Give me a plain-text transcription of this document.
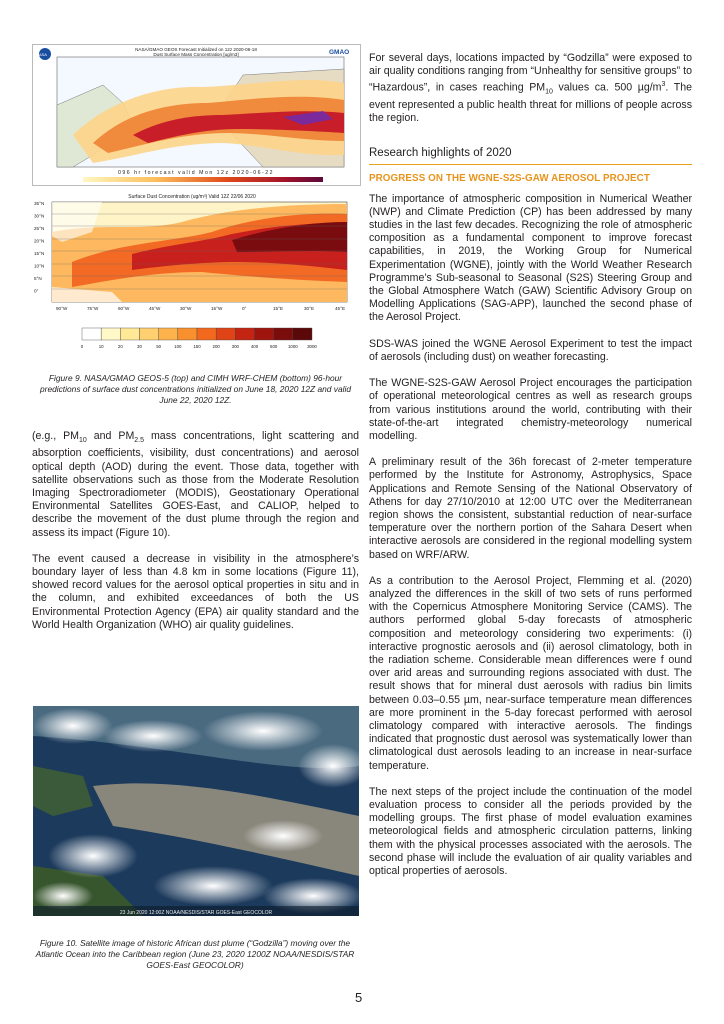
NASA	GMAO
NASA/GMAO GEOS Forecast Initialized on 12z 2020-06-18
Dust Surface Mass Concentration [ug/m3]
096 hr forecast valid Mon 12z 2020-06-22
Surface Dust Concentration (ug/m³) Valid 12Z 22/06 2020
35°N
30°N
25°N
20°N
15°N
10°N
5°N
0°
90°W	75°W	60°W	45°W	30°W	15°W	0°	15°E	30°E	45°E
0	10	20	30	50	100	150	200	300	400	600 1000 3000

Figure 9. NASA/GMAO GEOS-5 (top) and CIMH WRF-CHEM (bottom) 96-hour predictions of surface dust concentrations initialized on June 18, 2020 12Z and valid June 22, 2020 12Z.

(e.g., $PM_{10}$ and $PM_{2.5}$ mass concentrations, light scattering and absorption coefficients, visibility, dust concentrations) and aerosol optical depth (AOD) during the event. Those data, together with satellite observations such as those from the Moderate Resolution Imaging Spectroradiometer (MODIS), Geostationary Operational Environmental Satellites GOES-East, and CALIOP, helped to describe the movement of the dust plume through the region and assess its impact (Figure 10).

The event caused a decrease in visibility in the atmosphere’s boundary layer of less than 4.8 km in some locations (Figure 11), showed record values for the aerosol optical properties in situ and in the column, and exhibited exceedances of both the US Environmental Protection Agency (EPA) air quality standard and the World Health Organization (WHO) air quality guidelines.

23 Jun 2020 12:00Z NOAA/NESDIS/STAR GOES-East GEOCOLOR

Figure 10. Satellite image of historic African dust plume (“Godzilla”) moving over the Atlantic Ocean into the Caribbean region (June 23, 2020 1200Z NOAA/NESDIS/STAR GOES-East GEOCOLOR)

For several days, locations impacted by “Godzilla” were exposed to air quality conditions ranging from “Unhealthy for sensitive groups” to “Hazardous”, in cases reaching $PM_{10}$ values ca. 500 $\mu g/m^3$. The event represented a public health threat for millions of people across the region.

Research highlights of 2020
PROGRESS ON THE WGNE-S2S-GAW AEROSOL PROJECT

The importance of atmospheric composition in Numerical Weather (NWP) and Climate Prediction (CP) has been addressed by many studies in the last few decades. Recognizing the role of atmospheric composition as a fundamental component to improve forecast capabilities, in 2019, the Working Group for Numerical Experimentation (WGNE), jointly with the World Weather Research Programme’s Sub-seasonal to Seasonal (S2S) Steering Group and the Global Atmosphere Watch (GAW) Scientific Advisory Group on Modelling Applications (SAG-APP), launched the second phase of the Aerosol Project.

SDS-WAS joined the WGNE Aerosol Experiment to test the impact of aerosols (including dust) on weather forecasting.

The WGNE-S2S-GAW Aerosol Project encourages the participation of operational meteorological centres as well as research groups from various institutions around the world, contributing with their state-of-the-art integrated chemistry-meteorology numerical modelling.

A preliminary result of the 36h forecast of 2-meter temperature performed by the Institute for Astronomy, Astrophysics, Space Applications and Remote Sensing of the National Observatory of Athens for day 27/10/2010 at 12:00 UTC over the Mediterranean region shows the consistent, substantial reduction of near-surface temperature over the northern portion of the Sahara Desert when interactive aerosols are considered in the regional modelling system based on WRF/ARW.

As a contribution to the Aerosol Project, Flemming et al. (2020) analyzed the differences in the skill of two sets of runs performed with the Copernicus Atmosphere Monitoring Service (CAMS). The authors performed global 5-day forecasts of atmospheric composition and meteorology considering two experiments: (i) interactive prognostic aerosols and (ii) aerosol climatology, both in the radiation scheme. Considerable mean differences were f ound over arid areas and surrounding regions associated with dust. The result shows that for mineral dust aerosols with radius bin limits between 0.03–0.55 µm, near-surface temperature mean differences are more prominent in the 5-day forecast performed with aerosol climatology compared with interactive aerosols. The findings indicated that prognostic dust aerosol was systematically lower than climatological dust aerosols leading to an increase in near-surface temperature.

The next steps of the project include the continuation of the model evaluation process to consider all the periods provided by the modelling groups. The first phase of model evaluation examines meteorological fields and atmospheric circulation patterns, linking them with the physical processes associated with the aerosols. The second phase will include the evaluation of air quality variables and optical properties of aerosols.

5
